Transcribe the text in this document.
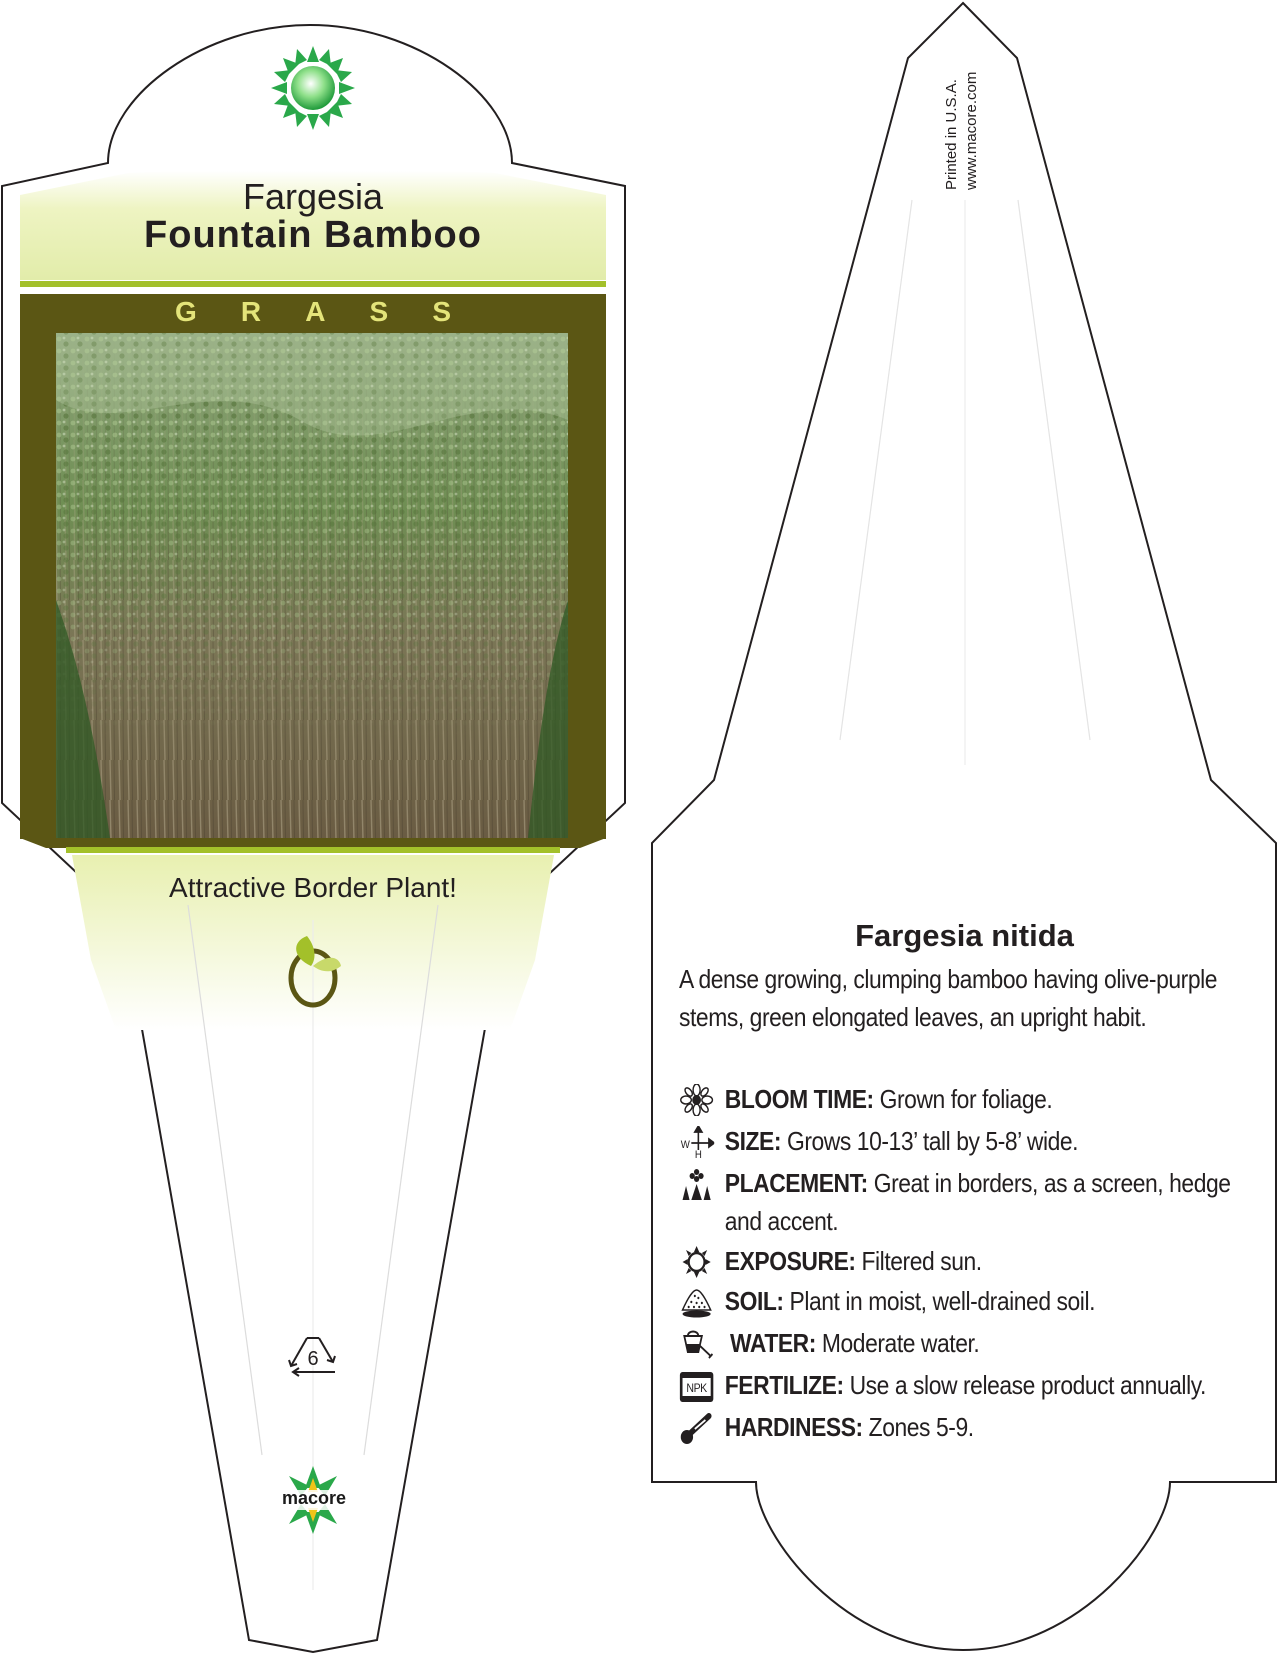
Fargesia
Fountain Bamboo
G R A S S
Attractive Border Plant!
6
macore
Printed in U.S.A. www.macore.com
Fargesia nitida
A dense growing, clumping bamboo having olive-purple stems, green elongated leaves, an upright habit.
BLOOM TIME: Grown for foliage.
W
H SIZE: Grows 10-13’ tall by 5-8’ wide.
PLACEMENT: Great in borders, as a screen, hedge and accent.
EXPOSURE: Filtered sun.
SOIL: Plant in moist, well-drained soil.
WATER: Moderate water.
NPK FERTILIZE: Use a slow release product annually.
HARDINESS: Zones 5-9.
